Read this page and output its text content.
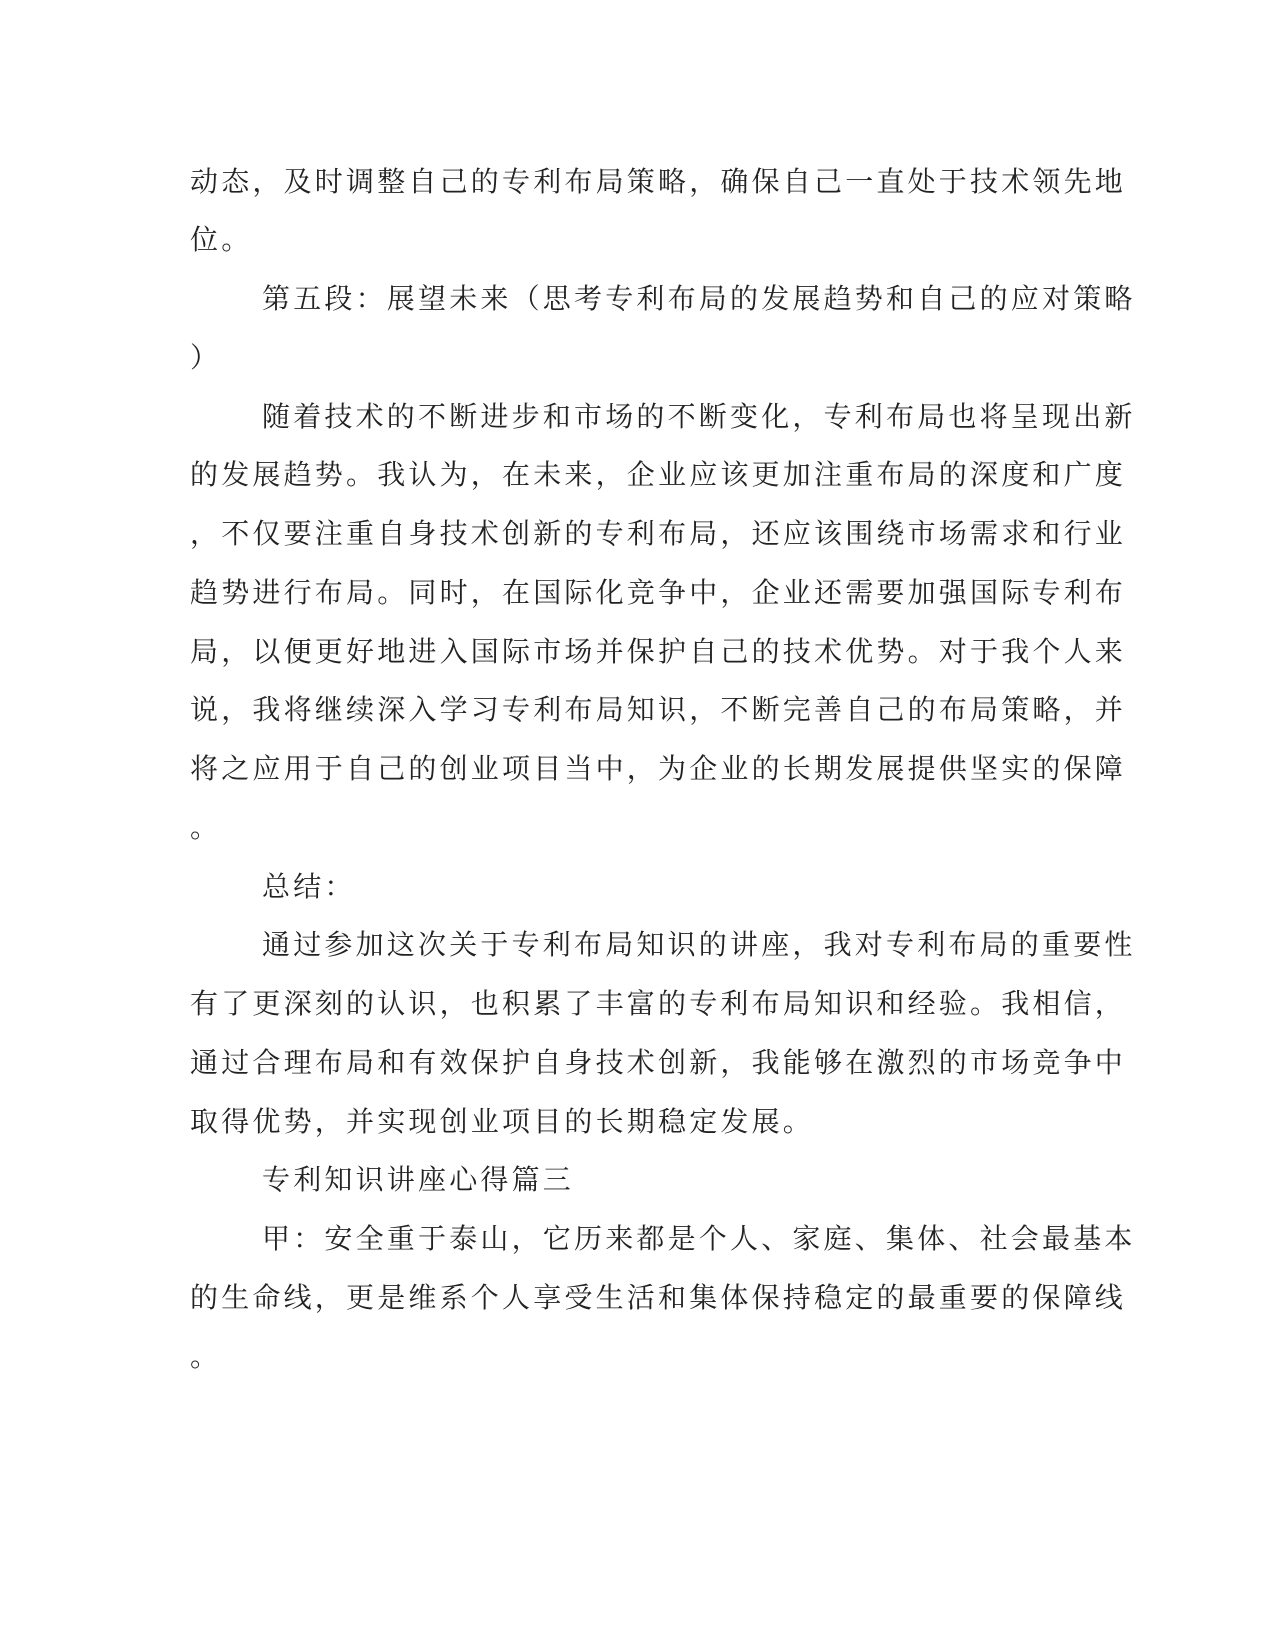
动态，及时调整自己的专利布局策略，确保自己一直处于技术领先地
位。
第五段：展望未来（思考专利布局的发展趋势和自己的应对策略
）
随着技术的不断进步和市场的不断变化，专利布局也将呈现出新
的发展趋势。我认为，在未来，企业应该更加注重布局的深度和广度
，不仅要注重自身技术创新的专利布局，还应该围绕市场需求和行业
趋势进行布局。同时，在国际化竞争中，企业还需要加强国际专利布
局，以便更好地进入国际市场并保护自己的技术优势。对于我个人来
说，我将继续深入学习专利布局知识，不断完善自己的布局策略，并
将之应用于自己的创业项目当中，为企业的长期发展提供坚实的保障
。
总结：
通过参加这次关于专利布局知识的讲座，我对专利布局的重要性
有了更深刻的认识，也积累了丰富的专利布局知识和经验。我相信，
通过合理布局和有效保护自身技术创新，我能够在激烈的市场竞争中
取得优势，并实现创业项目的长期稳定发展。
专利知识讲座心得篇三
甲：安全重于泰山，它历来都是个人、家庭、集体、社会最基本
的生命线，更是维系个人享受生活和集体保持稳定的最重要的保障线
。
